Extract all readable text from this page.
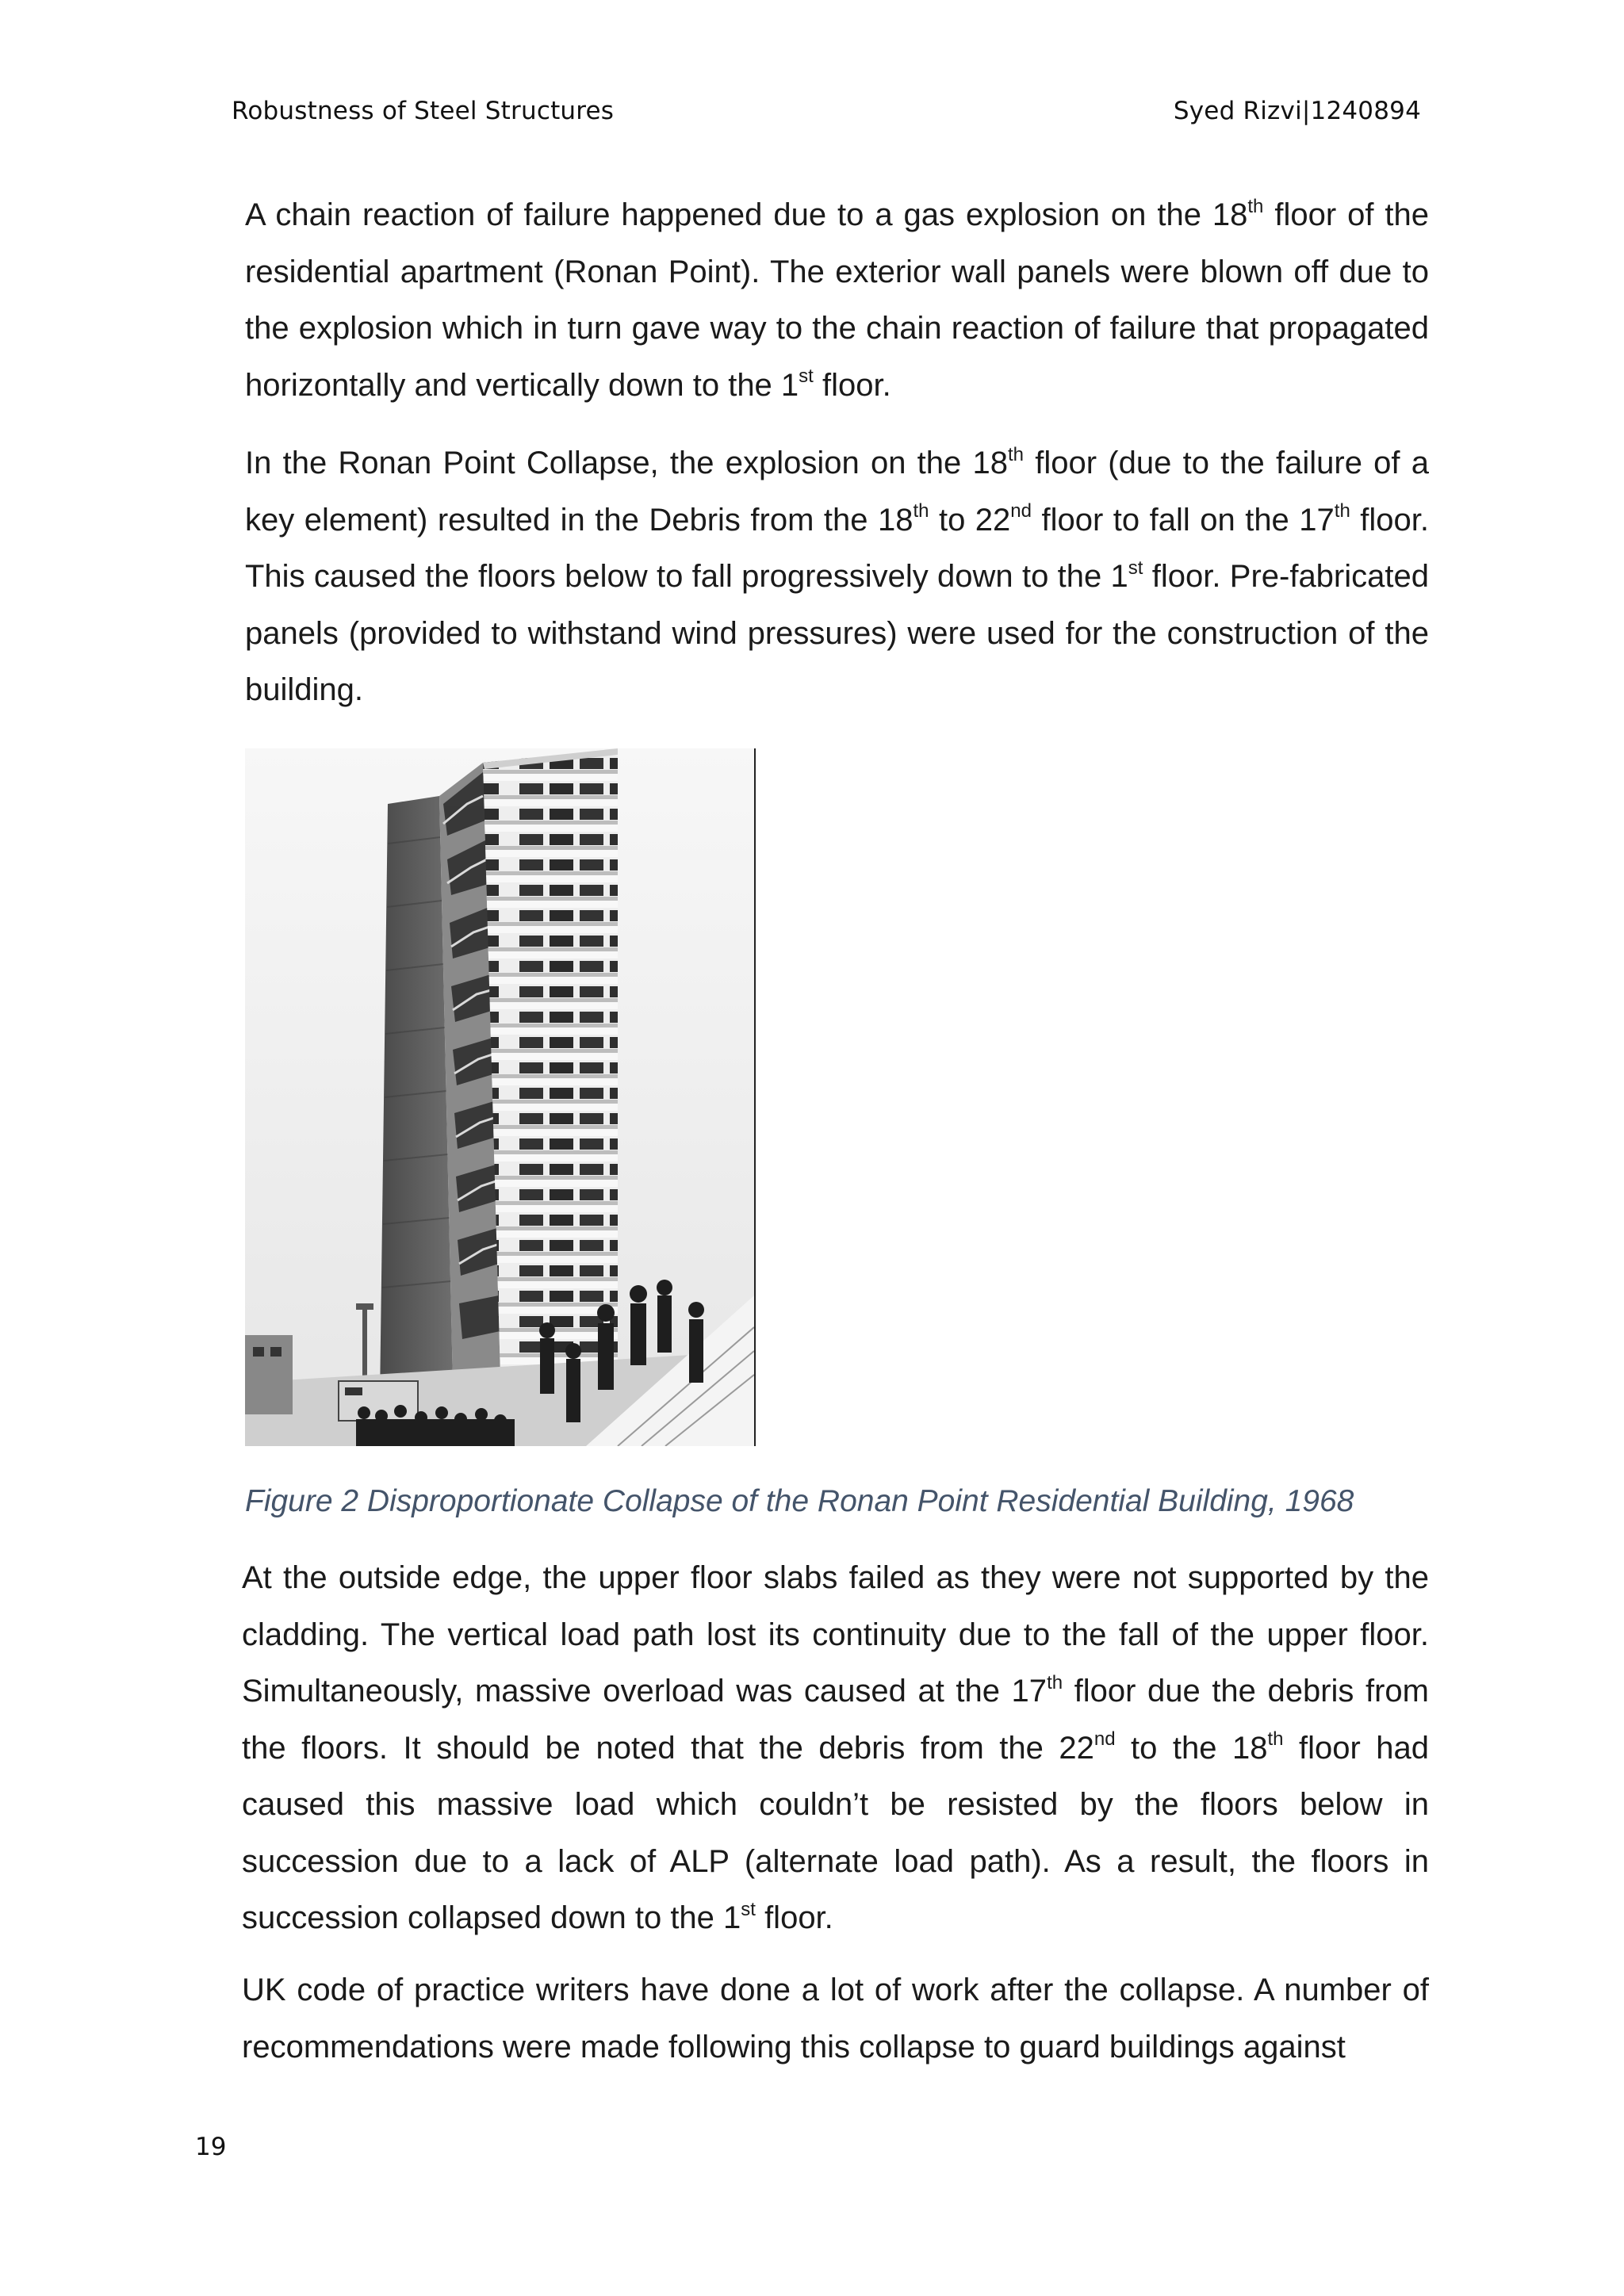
Robustness of Steel Structures	Syed Rizvi|1240894

A chain reaction of failure happened due to a gas explosion on the 18th floor of the residential apartment (Ronan Point). The exterior wall panels were blown off due to the explosion which in turn gave way to the chain reaction of failure that propagated horizontally and vertically down to the 1st floor.

In the Ronan Point Collapse, the explosion on the 18th floor (due to the failure of a key element) resulted in the Debris from the 18th to 22nd floor to fall on the 17th floor. This caused the floors below to fall progressively down to the 1st floor. Pre-fabricated panels (provided to withstand wind pressures) were used for the construction of the building.

Figure 2 Disproportionate Collapse of the Ronan Point Residential Building, 1968

At the outside edge, the upper floor slabs failed as they were not supported by the cladding. The vertical load path lost its continuity due to the fall of the upper floor. Simultaneously, massive overload was caused at the 17th floor due the debris from the floors. It should be noted that the debris from the 22nd to the 18th floor had caused this massive load which couldn’t be resisted by the floors below in succession due to a lack of ALP (alternate load path). As a result, the floors in succession collapsed down to the 1st floor.

UK code of practice writers have done a lot of work after the collapse. A number of recommendations were made following this collapse to guard buildings against

19
